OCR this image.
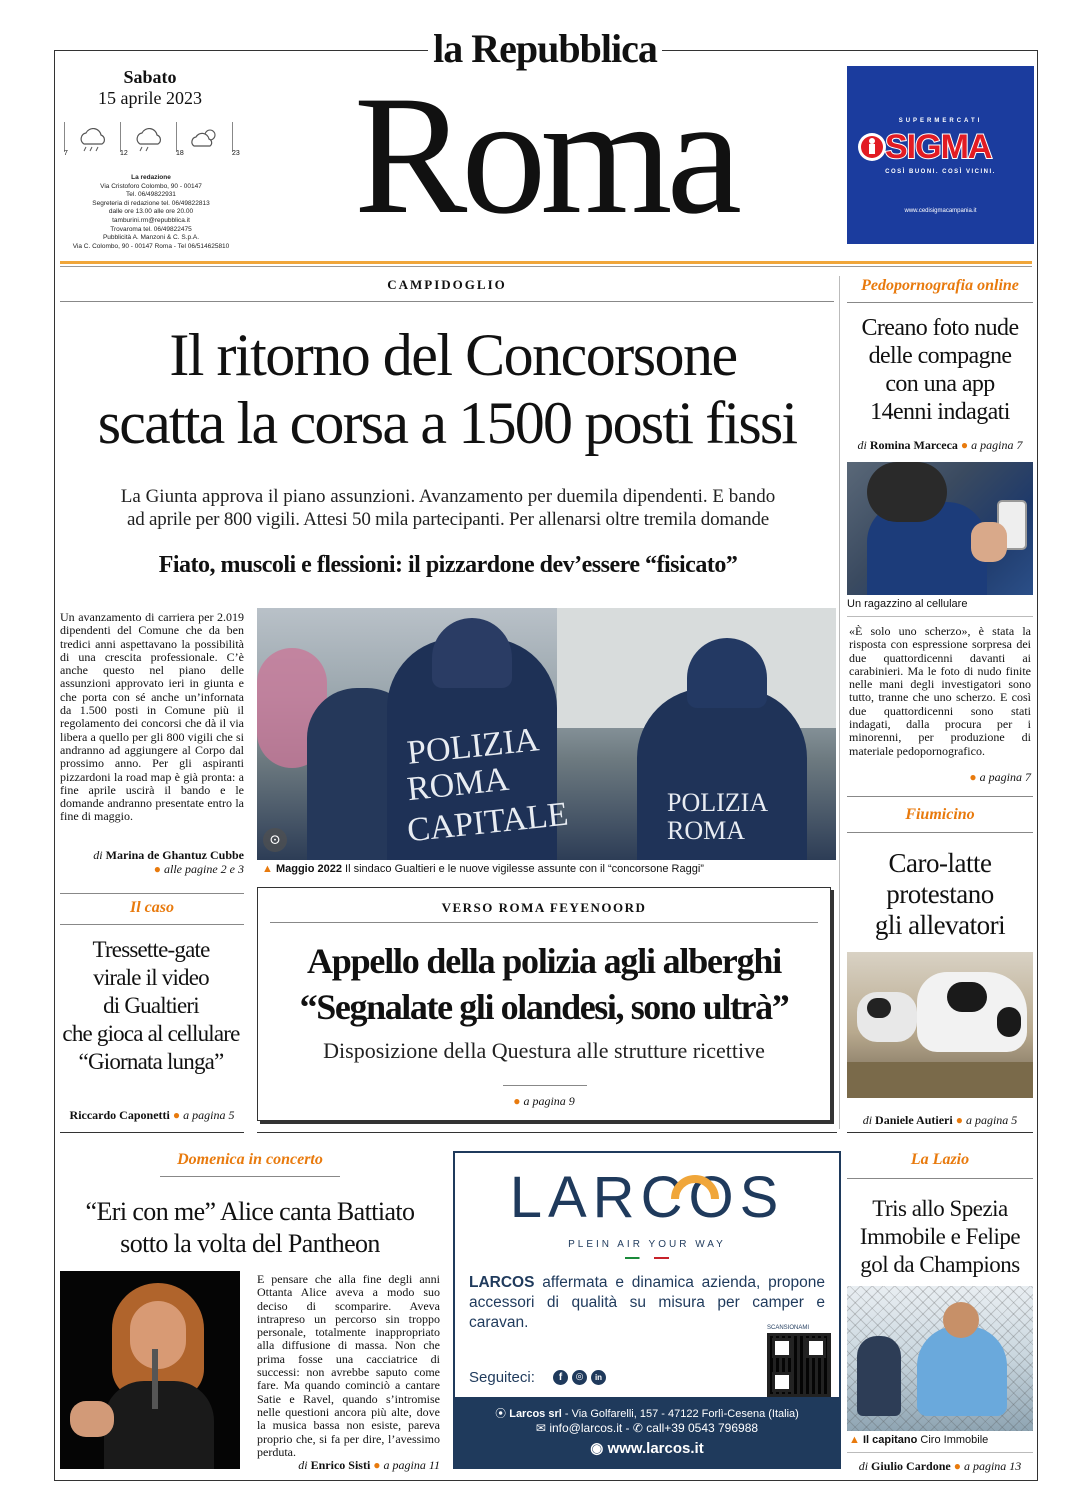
la Repubblica
Roma
Sabato
15 aprile 2023
7	12	18	23
La redazione
Via Cristoforo Colombo, 90 - 00147
Tel. 06/49822931
Segreteria di redazione tel. 06/49822813
dalle ore 13.00 alle ore 20.00
tamburini.rm@repubblica.it
Trovaroma tel. 06/49822475
Pubblicità A. Manzoni & C. S.p.A.
Via C. Colombo, 90 - 00147 Roma - Tel 06/514625810
SUPERMERCATI
SIGMA
COSÌ BUONI. COSÌ VICINI.
www.cedisigmacampania.it
CAMPIDOGLIO
Il ritorno del Concorsone
scatta la corsa a 1500 posti fissi
La Giunta approva il piano assunzioni. Avanzamento per duemila dipendenti. E bando
ad aprile per 800 vigili. Attesi 50 mila partecipanti. Per allenarsi oltre tremila domande
Fiato, muscoli e flessioni: il pizzardone dev’essere “fisicato”
Un avanzamento di carriera per 2.019 dipendenti del Comune che da ben tredici anni aspettavano la possibilità di una crescita professionale. C’è anche questo nel piano delle assunzioni approvato ieri in giunta e che porta con sé anche un’infornata da 1.500 posti in Comune più il regolamento dei concorsi che dà il via libera a quello per gli 800 vigili che si andranno ad aggiungere al Corpo dal prossimo anno. Per gli aspiranti pizzardoni la road map è già pronta: a fine aprile uscirà il bando e le domande andranno presentate entro la fine di maggio.
di Marina de Ghantuz Cubbe
● alle pagine 2 e 3
POLIZIA
ROMA
CAPITALE	POLIZIA
ROMA
⊙
▲ Maggio 2022 Il sindaco Gualtieri e le nuove vigilesse assunte con il “concorsone Raggi”
Pedopornografia online
Creano foto nude
delle compagne
con una app
14enni indagati
di Romina Marceca ● a pagina 7
Un ragazzino al cellulare
«È solo uno scherzo», è stata la risposta con espressione sorpresa dei due quattordicenni davanti ai carabinieri. Ma le foto di nudo finite nelle mani degli investigatori sono tutto, tranne che uno scherzo. E così due quattordicenni sono stati indagati, dalla procura per i minorenni, per produzione di materiale pedopornografico.
● a pagina 7
Fiumicino
Caro-latte
protestano
gli allevatori
di Daniele Autieri ● a pagina 5
Il caso
Tressette-gate
virale il video
di Gualtieri
che gioca al cellulare
“Giornata lunga”
Riccardo Caponetti ● a pagina 5
VERSO ROMA FEYENOORD
Appello della polizia agli alberghi
“Segnalate gli olandesi, sono ultrà”
Disposizione della Questura alle strutture ricettive
● a pagina 9
Domenica in concerto
“Eri con me” Alice canta Battiato
sotto la volta del Pantheon
E pensare che alla fine degli anni Ottanta Alice aveva a modo suo deciso di scomparire. Aveva intrapreso un percorso sin troppo personale, totalmente inappropriato alla diffusione di massa. Non che prima fosse una cacciatrice di successi: non avrebbe saputo come fare. Ma quando cominciò a cantare Satie e Ravel, quando s’intromise nelle questioni ancora più alte, dove la musica bassa non esiste, pareva proprio che, si fa per dire, l’avessimo perduta.
di Enrico Sisti ● a pagina 11
LARCOS
PLEIN AIR YOUR WAY
LARCOS affermata e dinamica azienda, propone accessori di qualità su misura per camper e caravan.	SCANSIONAMI
Seguiteci:	f	◎	in
⦿ Larcos srl - Via Golfarelli, 157 - 47122 Forlì-Cesena (Italia)
✉ info@larcos.it - ✆ call+39 0543 796988
◉ www.larcos.it
La Lazio
Tris allo Spezia
Immobile e Felipe
gol da Champions
▲ Il capitano Ciro Immobile
di Giulio Cardone ● a pagina 13
